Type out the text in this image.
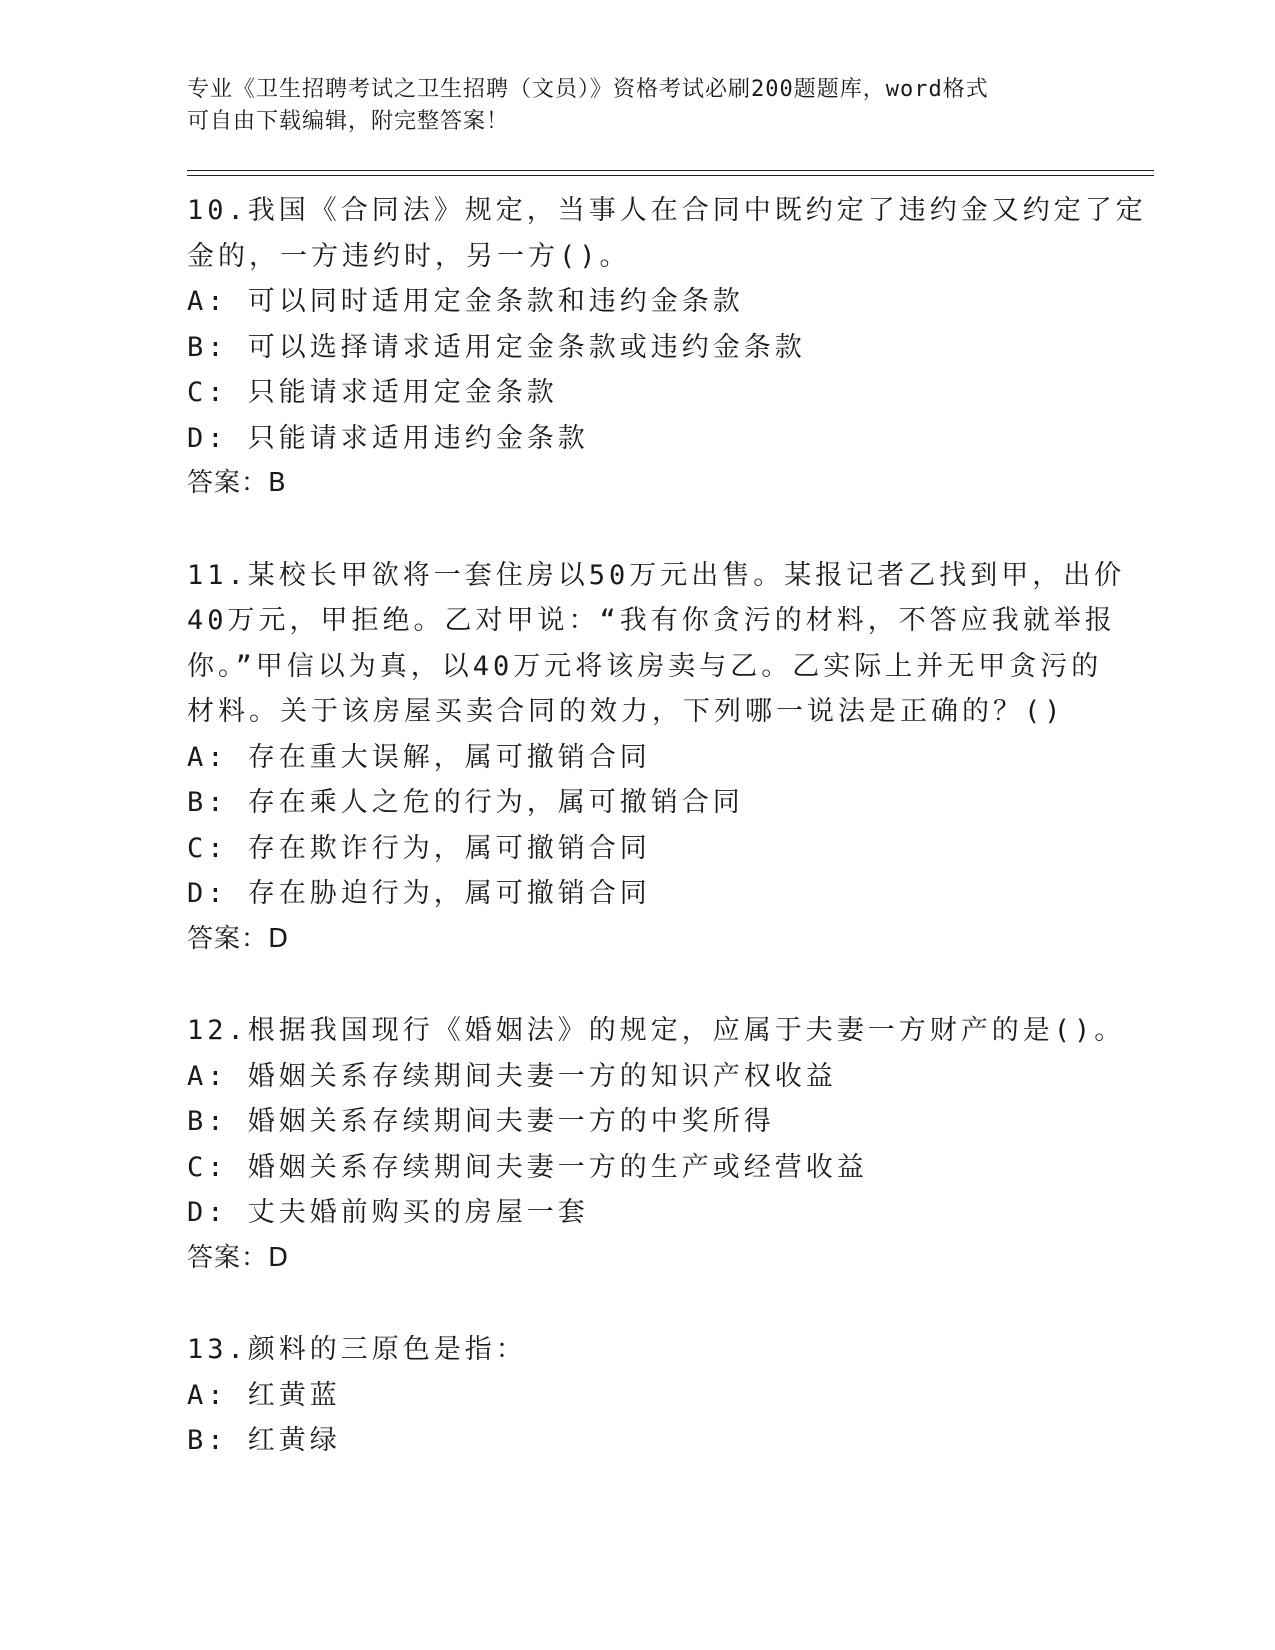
专业《卫生招聘考试之卫生招聘（文员）》资格考试必刷200题题库，word格式
可自由下载编辑，附完整答案！
10.我国《合同法》规定，当事人在合同中既约定了违约金又约定了定
金的，一方违约时，另一方()。
A: 可以同时适用定金条款和违约金条款
B: 可以选择请求适用定金条款或违约金条款
C: 只能请求适用定金条款
D: 只能请求适用违约金条款
答案：B
11.某校长甲欲将一套住房以50万元出售。某报记者乙找到甲，出价
40万元，甲拒绝。乙对甲说：“我有你贪污的材料，不答应我就举报
你。”甲信以为真，以40万元将该房卖与乙。乙实际上并无甲贪污的
材料。关于该房屋买卖合同的效力，下列哪一说法是正确的？()
A: 存在重大误解，属可撤销合同
B: 存在乘人之危的行为，属可撤销合同
C: 存在欺诈行为，属可撤销合同
D: 存在胁迫行为，属可撤销合同
答案：D
12.根据我国现行《婚姻法》的规定，应属于夫妻一方财产的是()。
A: 婚姻关系存续期间夫妻一方的知识产权收益
B: 婚姻关系存续期间夫妻一方的中奖所得
C: 婚姻关系存续期间夫妻一方的生产或经营收益
D: 丈夫婚前购买的房屋一套
答案：D
13.颜料的三原色是指：
A: 红黄蓝
B: 红黄绿
